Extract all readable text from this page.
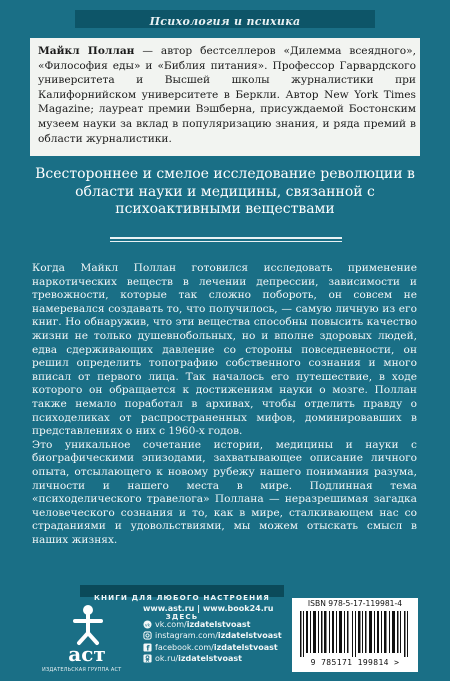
Психология и психика
Майкл Поллан — автор бестселлеров «Дилемма всеядного», «Философия еды» и «Библия питания». Профессор Гарвардского университета и Высшей школы журналистики при Калифорнийском университете в Беркли. Автор New York Times Magazine; лауреат премии Вэшберна, присуждаемой Бостонским музеем науки за вклад в популяризацию знания, и ряда премий в области журналистики.
Всестороннее и смелое исследование революции в области науки и медицины, связанной с психоактивными веществами

Когда Майкл Поллан готовился исследовать применение наркотических веществ в лечении депрессии, зависимости и тревожности, которые так сложно побороть, он совсем не намеревался создавать то, что получилось, — самую личную из его книг. Но обнаружив, что эти вещества способны повысить качество жизни не только душевнобольных, но и вполне здоровых людей, едва сдерживающих давление со стороны повседневности, он решил определить топографию собственного сознания и много вписал от первого лица. Так началось его путешествие, в ходе которого он обращается к достижениям науки о мозге. Поллан также немало поработал в архивах, чтобы отделить правду о психоделиках от распространенных мифов, доминировавших в представлениях о них с 1960-х годов.

Это уникальное сочетание истории, медицины и науки с биографическими эпизодами, захватывающее описание личного опыта, отсылающего к новому рубежу нашего понимания разума, личности и нашего места в мире. Подлинная тема «психоделического травелога» Поллана — неразрешимая загадка человеческого сознания и то, как в мире, сталкивающем нас со страданиями и удовольствиями, мы можем отыскать смысл в наших жизнях.

КНИГИ ДЛЯ ЛЮБОГО НАСТРОЕНИЯ ЗДЕСЬ
аст
ИЗДАТЕЛЬСКАЯ ГРУППА АСТ
www.ast.ru | www.book24.ru
vk vk.com/ izdatelstvoast
instagram.com/ izdatelstvoast
f facebook.com/ izdatelstvoast
ok.ru/ izdatelstvoast
ISBN 978-5-17-119981-4
9 785171 199814 >
